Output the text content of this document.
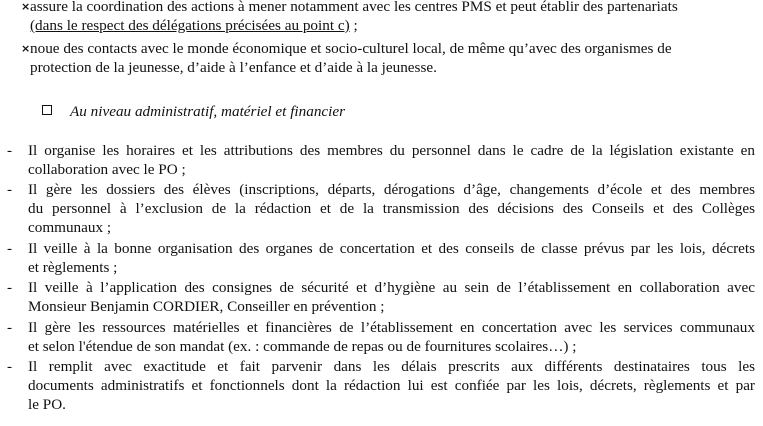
× assure la coordination des actions à mener notamment avec les centres PMS et peut établir des partenariats
(dans le respect des délégations précisées au point c) ;
× noue des contacts avec le monde économique et socio-culturel local, de même qu’avec des organismes de
protection de la jeunesse, d’aide à l’enfance et d’aide à la jeunesse.
Au niveau administratif, matériel et financier
- Il organise les horaires et les attributions des membres du personnel dans le cadre de la législation existante en
collaboration avec le PO ;
- Il gère les dossiers des élèves (inscriptions, départs, dérogations d’âge, changements d’école et des membres
du personnel à l’exclusion de la rédaction et de la transmission des décisions des Conseils et des Collèges
communaux ;
- Il veille à la bonne organisation des organes de concertation et des conseils de classe prévus par les lois, décrets
et règlements ;
- Il veille à l’application des consignes de sécurité et d’hygiène au sein de l’établissement en collaboration avec
Monsieur Benjamin CORDIER, Conseiller en prévention ;
- Il gère les ressources matérielles et financières de l’établissement en concertation avec les services communaux
et selon l'étendue de son mandat (ex. : commande de repas ou de fournitures scolaires…) ;
- Il remplit avec exactitude et fait parvenir dans les délais prescrits aux différents destinataires tous les
documents administratifs et fonctionnels dont la rédaction lui est confiée par les lois, décrets, règlements et par
le PO.
